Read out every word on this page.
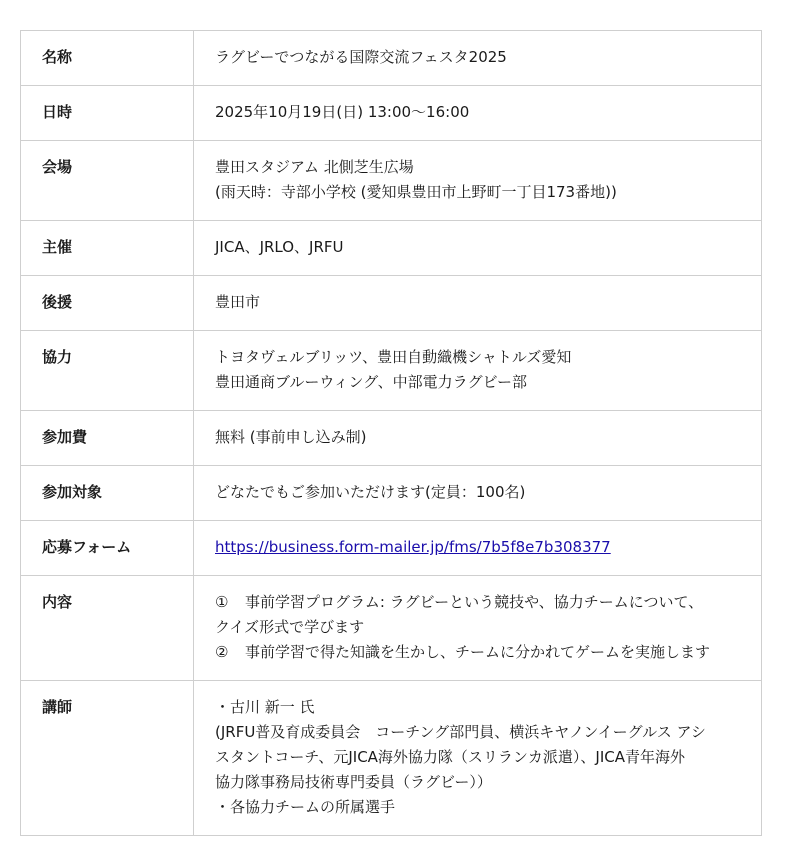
名称	ラグビーでつながる国際交流フェスタ2025

日時	2025年10月19日(日) 13:00〜16:00

会場	豊田スタジアム 北側芝生広場
(雨天時：寺部小学校 (愛知県豊田市上野町一丁目173番地))

主催	JICA、JRLO、JRFU

後援	豊田市

協力	トヨタヴェルブリッツ、豊田自動織機シャトルズ愛知
豊田通商ブルーウィング、中部電力ラグビー部

参加費	無料 (事前申し込み制)

参加対象	どなたでもご参加いただけます(定員：100名)

応募フォーム	https://business.form-mailer.jp/fms/7b5f8e7b308377

内容	① 事前学習プログラム: ラグビーという競技や、協力チームについて、
クイズ形式で学びます
② 事前学習で得た知識を生かし、チームに分かれてゲームを実施します

講師	・古川 新一 氏
(JRFU普及育成委員会　コーチング部門員、横浜キヤノンイーグルス アシ
スタントコーチ、元JICA海外協力隊（スリランカ派遣）、JICA青年海外
協力隊事務局技術専門委員（ラグビー））
・各協力チームの所属選手
